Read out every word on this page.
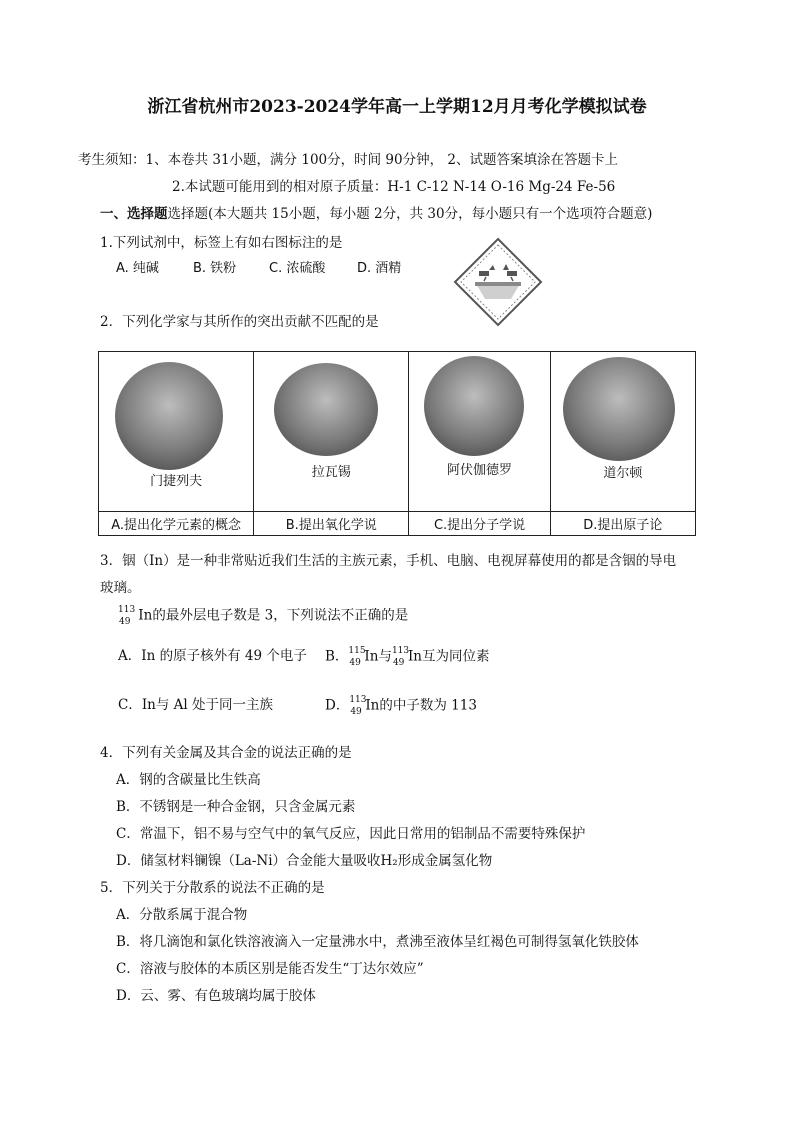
浙江省杭州市2023-2024学年高一上学期12月月考化学模拟试卷
考生须知：1、本卷共 31小题，满分 100分，时间 90分钟， 2、试题答案填涂在答题卡上
2.本试题可能用到的相对原子质量：H-1 C-12 N-14 O-16 Mg-24 Fe-56
一、选择题选择题(本大题共 15小题，每小题 2分，共 30分，每小题只有一个选项符合题意)
1.下列试剂中，标签上有如右图标注的是
A. 纯碱	B. 铁粉	C. 浓硫酸 D. 酒精
2．下列化学家与其所作的突出贡献不匹配的是
门捷列夫	拉瓦锡	阿伏伽德罗	道尔顿

A.提出化学元素的概念	B.提出氧化学说	C.提出分子学说	D.提出原子论
3．铟（In）是一种非常贴近我们生活的主族元素，手机、电脑、电视屏幕使用的都是含铟的导电
玻璃。
113
49 In的最外层电子数是 3，下列说法不正确的是
A．In 的原子核外有 49 个电子 B． 115
49 In与 113
49 In互为同位素
C．In与 Al 处于同一主族	D． 113
49 In的中子数为 113
4．下列有关金属及其合金的说法正确的是
A．钢的含碳量比生铁高
B．不锈钢是一种合金钢，只含金属元素
C．常温下，铝不易与空气中的氧气反应，因此日常用的铝制品不需要特殊保护
D．储氢材料镧镍（La-Ni）合金能大量吸收H₂形成金属氢化物
5．下列关于分散系的说法不正确的是
A．分散系属于混合物
B．将几滴饱和氯化铁溶液滴入一定量沸水中，煮沸至液体呈红褐色可制得氢氧化铁胶体
C．溶液与胶体的本质区别是能否发生“丁达尔效应”
D．云、雾、有色玻璃均属于胶体
